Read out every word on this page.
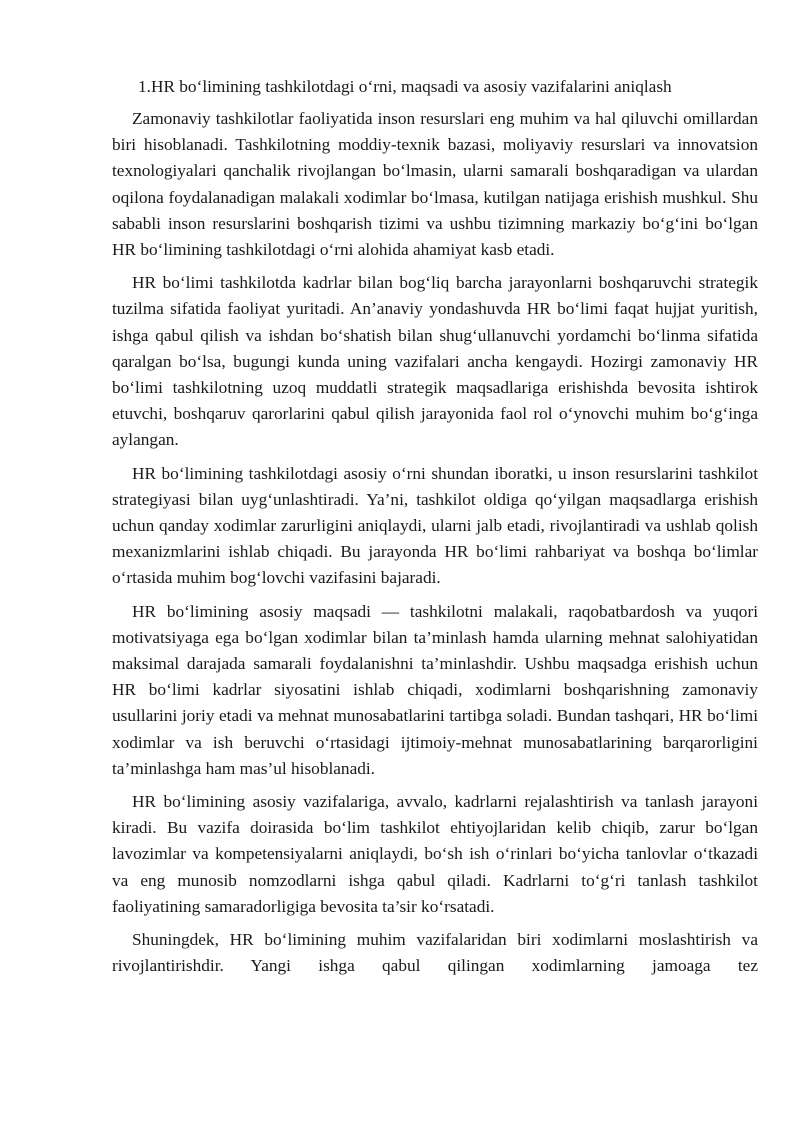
1.HR bo‘limining tashkilotdagi o‘rni, maqsadi va asosiy vazifalarini aniqlash

Zamonaviy tashkilotlar faoliyatida inson resurslari eng muhim va hal qiluvchi omillardan biri hisoblanadi. Tashkilotning moddiy-texnik bazasi, moliyaviy resurslari va innovatsion texnologiyalari qanchalik rivojlangan bo‘lmasin, ularni samarali boshqaradigan va ulardan oqilona foydalanadigan malakali xodimlar bo‘lmasa, kutilgan natijaga erishish mushkul. Shu sababli inson resurslarini boshqarish tizimi va ushbu tizimning markaziy bo‘g‘ini bo‘lgan HR bo‘limining tashkilotdagi o‘rni alohida ahamiyat kasb etadi.

HR bo‘limi tashkilotda kadrlar bilan bog‘liq barcha jarayonlarni boshqaruvchi strategik tuzilma sifatida faoliyat yuritadi. An’anaviy yondashuvda HR bo‘limi faqat hujjat yuritish, ishga qabul qilish va ishdan bo‘shatish bilan shug‘ullanuvchi yordamchi bo‘linma sifatida qaralgan bo‘lsa, bugungi kunda uning vazifalari ancha kengaydi. Hozirgi zamonaviy HR bo‘limi tashkilotning uzoq muddatli strategik maqsadlariga erishishda bevosita ishtirok etuvchi, boshqaruv qarorlarini qabul qilish jarayonida faol rol o‘ynovchi muhim bo‘g‘inga aylangan.

HR bo‘limining tashkilotdagi asosiy o‘rni shundan iboratki, u inson resurslarini tashkilot strategiyasi bilan uyg‘unlashtiradi. Ya’ni, tashkilot oldiga qo‘yilgan maqsadlarga erishish uchun qanday xodimlar zarurligini aniqlaydi, ularni jalb etadi, rivojlantiradi va ushlab qolish mexanizmlarini ishlab chiqadi. Bu jarayonda HR bo‘limi rahbariyat va boshqa bo‘limlar o‘rtasida muhim bog‘lovchi vazifasini bajaradi.

HR bo‘limining asosiy maqsadi — tashkilotni malakali, raqobatbardosh va yuqori motivatsiyaga ega bo‘lgan xodimlar bilan ta’minlash hamda ularning mehnat salohiyatidan maksimal darajada samarali foydalanishni ta’minlashdir. Ushbu maqsadga erishish uchun HR bo‘limi kadrlar siyosatini ishlab chiqadi, xodimlarni boshqarishning zamonaviy usullarini joriy etadi va mehnat munosabatlarini tartibga soladi. Bundan tashqari, HR bo‘limi xodimlar va ish beruvchi o‘rtasidagi ijtimoiy-mehnat munosabatlarining barqarorligini ta’minlashga ham mas’ul hisoblanadi.

HR bo‘limining asosiy vazifalariga, avvalo, kadrlarni rejalashtirish va tanlash jarayoni kiradi. Bu vazifa doirasida bo‘lim tashkilot ehtiyojlaridan kelib chiqib, zarur bo‘lgan lavozimlar va kompetensiyalarni aniqlaydi, bo‘sh ish o‘rinlari bo‘yicha tanlovlar o‘tkazadi va eng munosib nomzodlarni ishga qabul qiladi. Kadrlarni to‘g‘ri tanlash tashkilot faoliyatining samaradorligiga bevosita ta’sir ko‘rsatadi.

Shuningdek, HR bo‘limining muhim vazifalaridan biri xodimlarni moslashtirish va rivojlantirishdir. Yangi ishga qabul qilingan xodimlarning jamoaga tez
